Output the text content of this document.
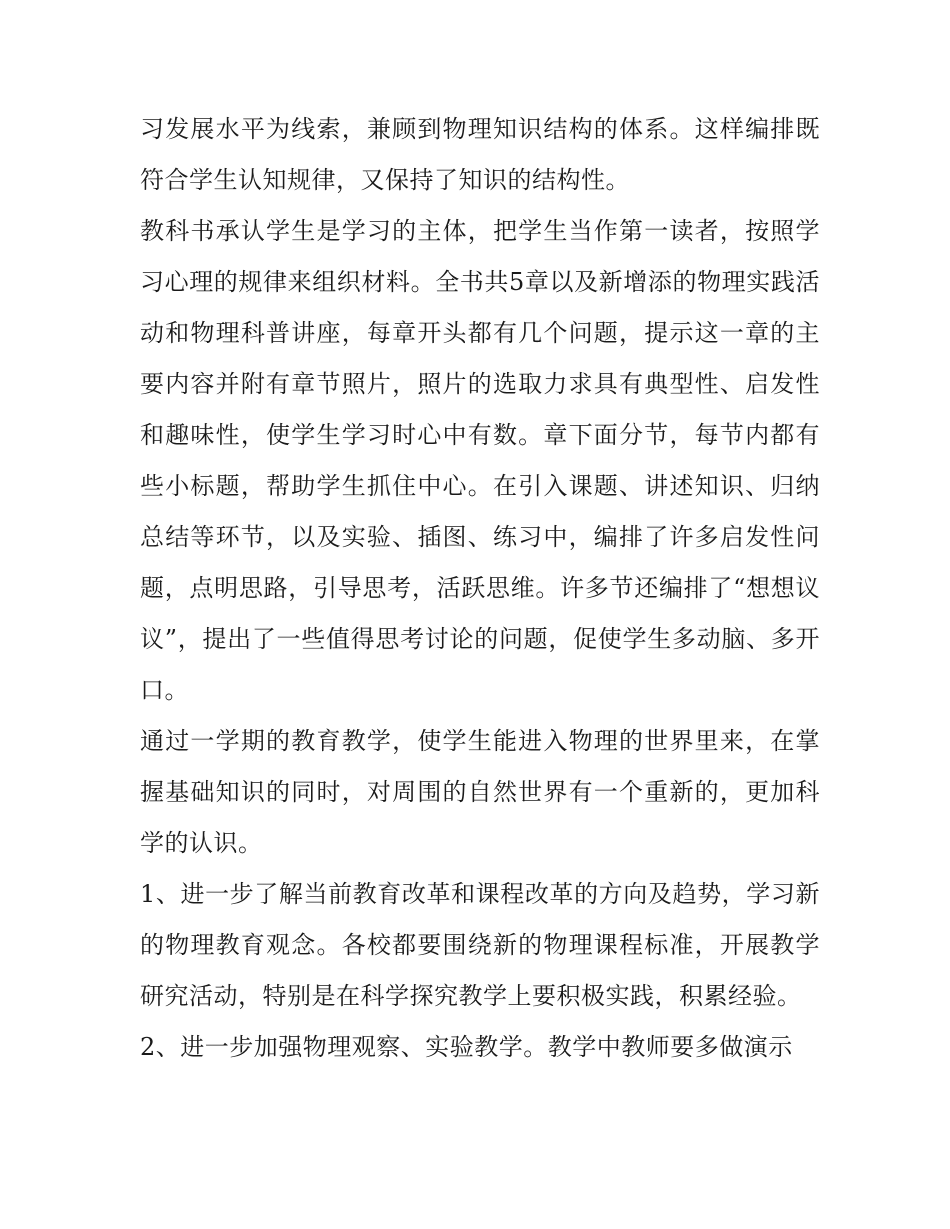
习发展水平为线索，兼顾到物理知识结构的体系。这样编排既符合学生认知规律，又保持了知识的结构性。

教科书承认学生是学习的主体，把学生当作第一读者，按照学习心理的规律来组织材料。全书共5章以及新增添的物理实践活动和物理科普讲座，每章开头都有几个问题，提示这一章的主要内容并附有章节照片，照片的选取力求具有典型性、启发性和趣味性，使学生学习时心中有数。章下面分节，每节内都有些小标题，帮助学生抓住中心。在引入课题、讲述知识、归纳总结等环节，以及实验、插图、练习中，编排了许多启发性问题，点明思路，引导思考，活跃思维。许多节还编排了“想想议议”，提出了一些值得思考讨论的问题，促使学生多动脑、多开口。

通过一学期的教育教学，使学生能进入物理的世界里来，在掌握基础知识的同时，对周围的自然世界有一个重新的，更加科学的认识。

1、进一步了解当前教育改革和课程改革的方向及趋势，学习新的物理教育观念。各校都要围绕新的物理课程标准，开展教学研究活动，特别是在科学探究教学上要积极实践，积累经验。

2、进一步加强物理观察、实验教学。教学中教师要多做演示
